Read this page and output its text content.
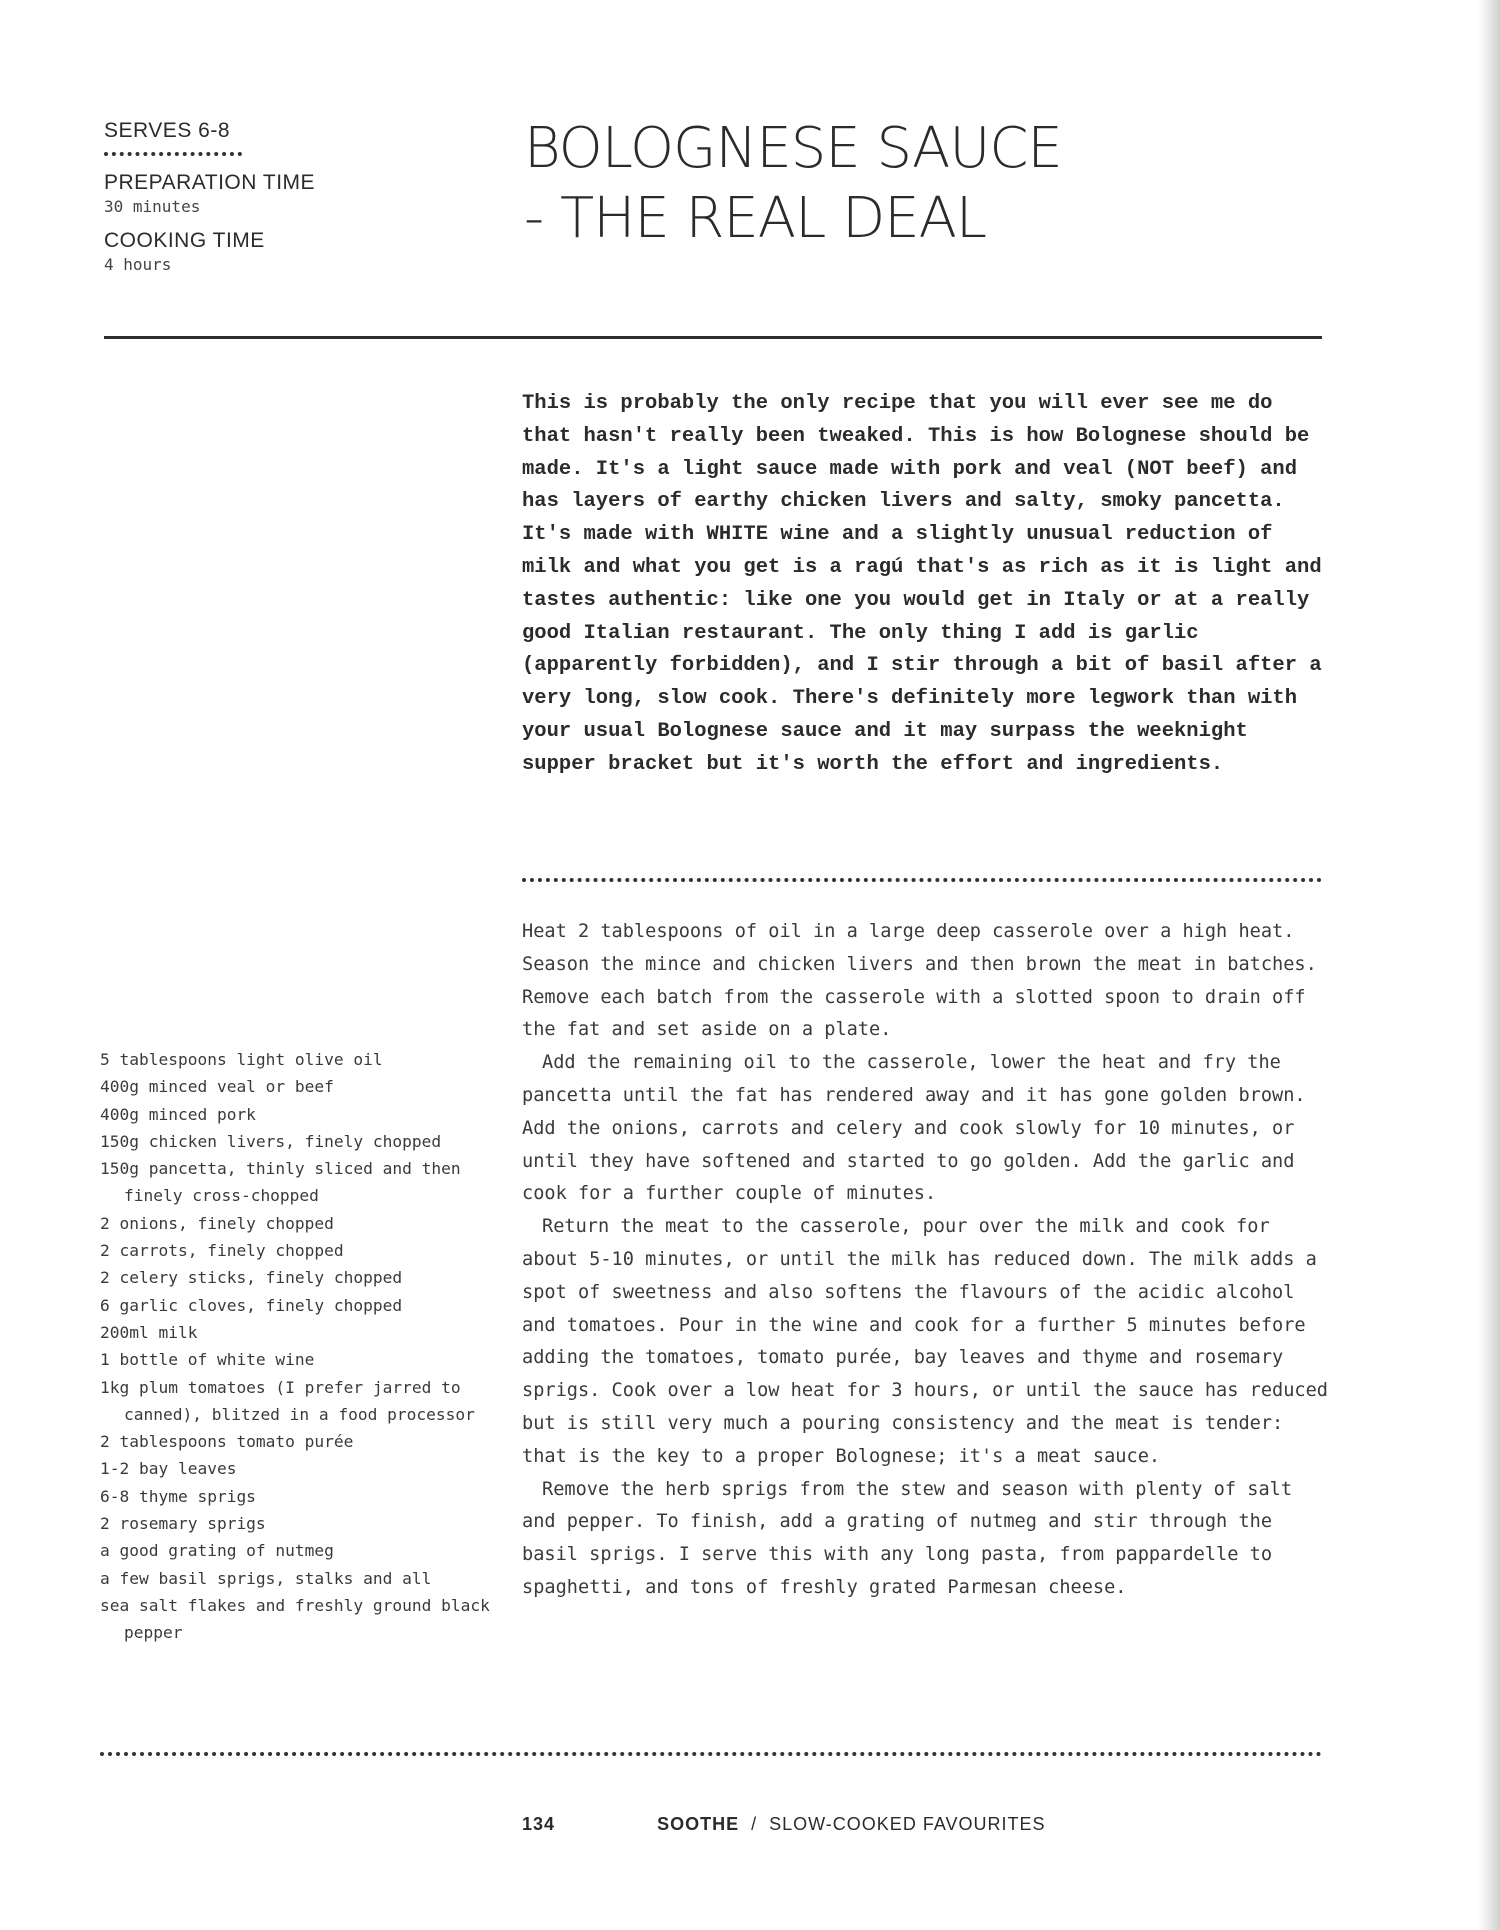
SERVES 6-8
PREPARATION TIME
30 minutes
COOKING TIME
4 hours
BOLOGNESE SAUCE
- THE REAL DEAL
This is probably the only recipe that you will ever see me do that hasn't really been tweaked. This is how Bolognese should be made. It's a light sauce made with pork and veal (NOT beef) and has layers of earthy chicken livers and salty, smoky pancetta. It's made with WHITE wine and a slightly unusual reduction of milk and what you get is a ragú that's as rich as it is light and tastes authentic: like one you would get in Italy or at a really good Italian restaurant. The only thing I add is garlic (apparently forbidden), and I stir through a bit of basil after a very long, slow cook. There's definitely more legwork than with your usual Bolognese sauce and it may surpass the weeknight supper bracket but it's worth the effort and ingredients.

Heat 2 tablespoons of oil in a large deep casserole over a high heat. Season the mince and chicken livers and then brown the meat in batches. Remove each batch from the casserole with a slotted spoon to drain off the fat and set aside on a plate.

Add the remaining oil to the casserole, lower the heat and fry the pancetta until the fat has rendered away and it has gone golden brown. Add the onions, carrots and celery and cook slowly for 10 minutes, or until they have softened and started to go golden. Add the garlic and cook for a further couple of minutes.

Return the meat to the casserole, pour over the milk and cook for about 5-10 minutes, or until the milk has reduced down. The milk adds a spot of sweetness and also softens the flavours of the acidic alcohol and tomatoes. Pour in the wine and cook for a further 5 minutes before adding the tomatoes, tomato purée, bay leaves and thyme and rosemary sprigs. Cook over a low heat for 3 hours, or until the sauce has reduced but is still very much a pouring consistency and the meat is tender: that is the key to a proper Bolognese; it's a meat sauce.

Remove the herb sprigs from the stew and season with plenty of salt and pepper. To finish, add a grating of nutmeg and stir through the basil sprigs. I serve this with any long pasta, from pappardelle to spaghetti, and tons of freshly grated Parmesan cheese.

5 tablespoons light olive oil
400g minced veal or beef
400g minced pork
150g chicken livers, finely chopped
150g pancetta, thinly sliced and then finely cross-chopped
2 onions, finely chopped
2 carrots, finely chopped
2 celery sticks, finely chopped
6 garlic cloves, finely chopped
200ml milk
1 bottle of white wine
1kg plum tomatoes (I prefer jarred to canned), blitzed in a food processor
2 tablespoons tomato purée
1-2 bay leaves
6-8 thyme sprigs
2 rosemary sprigs
a good grating of nutmeg
a few basil sprigs, stalks and all
sea salt flakes and freshly ground black pepper
134	SOOTHE / SLOW-COOKED FAVOURITES
